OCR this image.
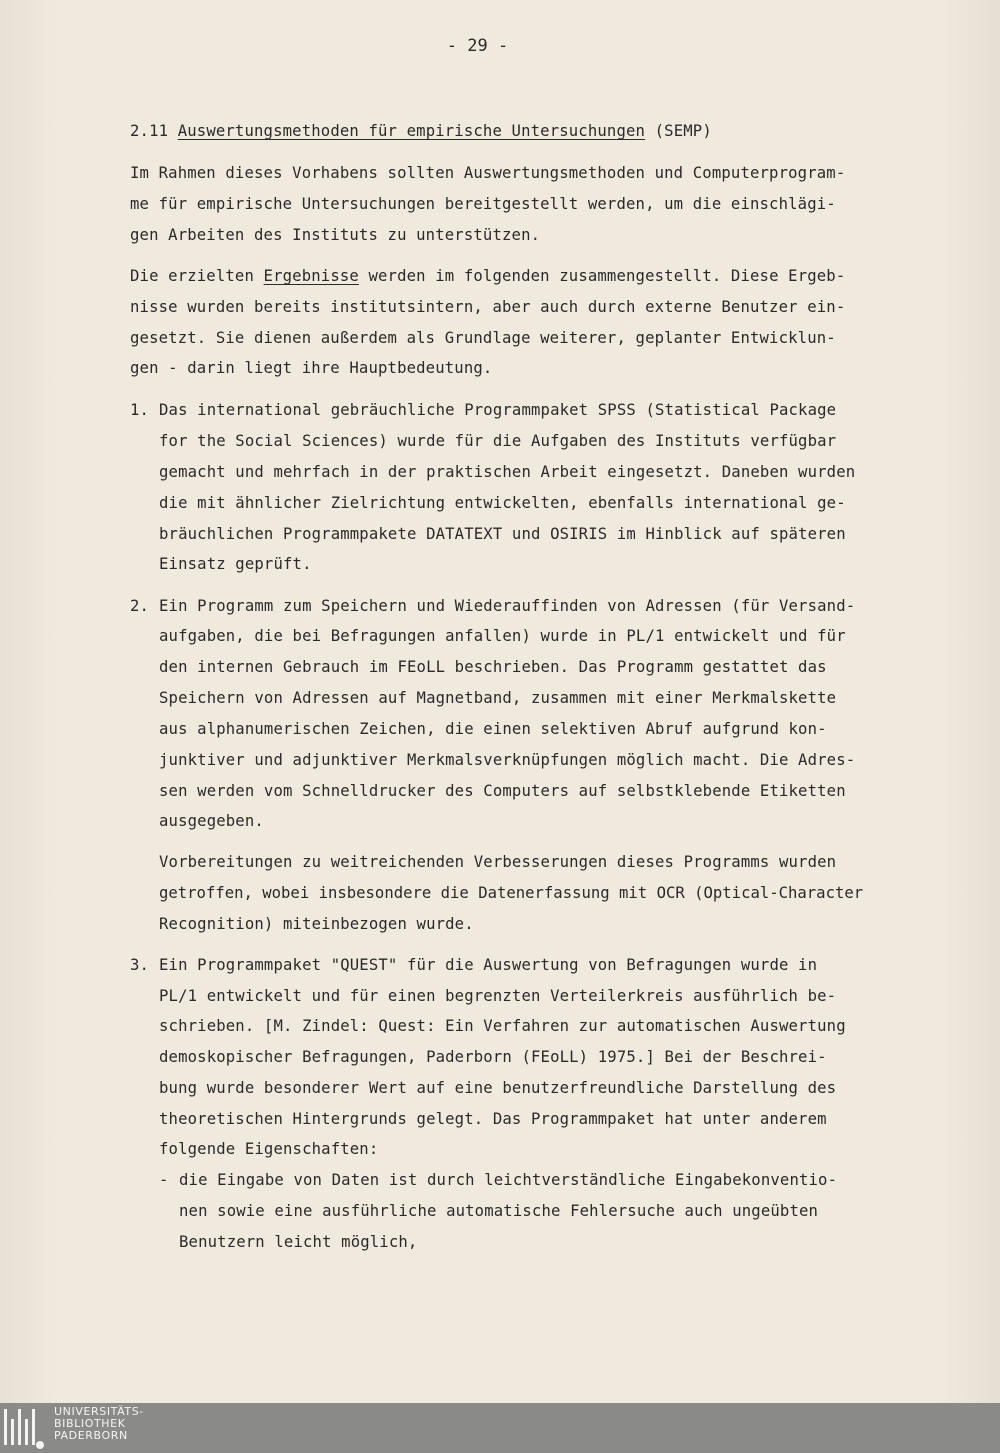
- 29 -
2.11 Auswertungsmethoden für empirische Untersuchungen (SEMP)
Im Rahmen dieses Vorhabens sollten Auswertungsmethoden und Computerprogram-
me für empirische Untersuchungen bereitgestellt werden, um die einschlägi-
gen Arbeiten des Instituts zu unterstützen.
Die erzielten Ergebnisse werden im folgenden zusammengestellt. Diese Ergeb-
nisse wurden bereits institutsintern, aber auch durch externe Benutzer ein-
gesetzt. Sie dienen außerdem als Grundlage weiterer, geplanter Entwicklun-
gen - darin liegt ihre Hauptbedeutung.
1. Das international gebräuchliche Programmpaket SPSS (Statistical Package
for the Social Sciences) wurde für die Aufgaben des Instituts verfügbar
gemacht und mehrfach in der praktischen Arbeit eingesetzt. Daneben wurden
die mit ähnlicher Zielrichtung entwickelten, ebenfalls international ge-
bräuchlichen Programmpakete DATATEXT und OSIRIS im Hinblick auf späteren
Einsatz geprüft.
2. Ein Programm zum Speichern und Wiederauffinden von Adressen (für Versand-
aufgaben, die bei Befragungen anfallen) wurde in PL/1 entwickelt und für
den internen Gebrauch im FEoLL beschrieben. Das Programm gestattet das
Speichern von Adressen auf Magnetband, zusammen mit einer Merkmalskette
aus alphanumerischen Zeichen, die einen selektiven Abruf aufgrund kon-
junktiver und adjunktiver Merkmalsverknüpfungen möglich macht. Die Adres-
sen werden vom Schnelldrucker des Computers auf selbstklebende Etiketten
ausgegeben.
Vorbereitungen zu weitreichenden Verbesserungen dieses Programms wurden
getroffen, wobei insbesondere die Datenerfassung mit OCR (Optical-Character
Recognition) miteinbezogen wurde.
3. Ein Programmpaket "QUEST" für die Auswertung von Befragungen wurde in
PL/1 entwickelt und für einen begrenzten Verteilerkreis ausführlich be-
schrieben. [M. Zindel: Quest: Ein Verfahren zur automatischen Auswertung
demoskopischer Befragungen, Paderborn (FEoLL) 1975.] Bei der Beschrei-
bung wurde besonderer Wert auf eine benutzerfreundliche Darstellung des
theoretischen Hintergrunds gelegt. Das Programmpaket hat unter anderem
folgende Eigenschaften:
- die Eingabe von Daten ist durch leichtverständliche Eingabekonventio-
nen sowie eine ausführliche automatische Fehlersuche auch ungeübten
Benutzern leicht möglich,
UNIVERSITÄTS-
BIBLIOTHEK
PADERBORN
